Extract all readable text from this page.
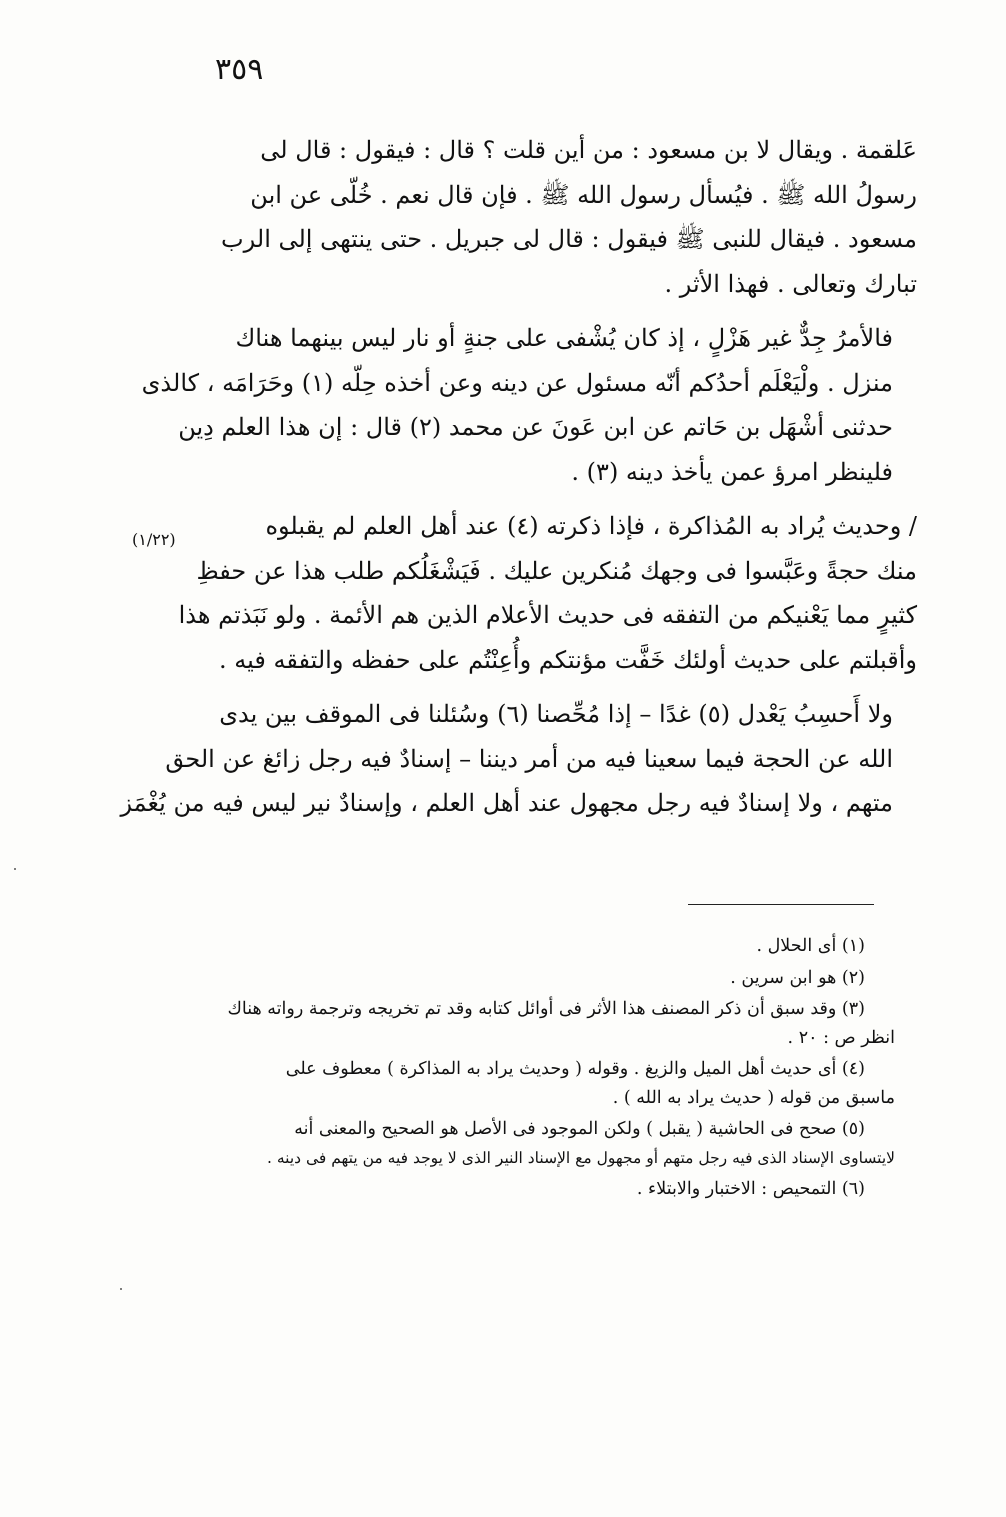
٣٥٩
(١/٢٢)

عَلقمة . ويقال لا بن مسعود : من أين قلت ؟ قال : فيقول : قال لى
رسولُ الله ﷺ . فيُسأل رسول الله ﷺ . فإن قال نعم . خُلّى عن ابن
مسعود . فيقال للنبى ﷺ فيقول : قال لى جبريل . حتى ينتهى إلى الرب
تبارك وتعالى . فهذا الأثر .

فالأمرُ جِدٌّ غير هَزْلٍ ، إذ كان يُشْفى على جنةٍ أو نار ليس بينهما هناك
منزل . ولْيَعْلَم أحدُكم أنّه مسئول عن دينه وعن أخذه حِلّه (١) وحَرَامَه ، كالذى
حدثنى أشْهَل بن حَاتم عن ابن عَونَ عن محمد (٢) قال : إن هذا العلم دِين
فلينظر امرؤ عمن يأخذ دينه (٣) .

/ وحديث يُراد به المُذاكرة ، فإذا ذكرته (٤) عند أهل العلم لم يقبلوه
منك حجةً وعَبَّسوا فى وجهك مُنكرين عليك . فَيَشْغَلُكم طلب هذا عن حفظِ
كثيرٍ مما يَعْنيكم من التفقه فى حديث الأعلام الذين هم الأئمة . ولو نَبَذتم هذا
وأقبلتم على حديث أولئك خَفَّت مؤنتكم وأُعِنْتُم على حفظه والتفقه فيه .

ولا أَحسِبُ يَعْدل (٥) غدًا – إذا مُحِّصنا (٦) وسُئلنا فى الموقف بين يدى
الله عن الحجة فيما سعينا فيه من أمر ديننا – إسنادٌ فيه رجل زائغ عن الحق
متهم ، ولا إسنادٌ فيه رجل مجهول عند أهل العلم ، وإسنادٌ نير ليس فيه من يُغْمَز

(١) أى الحلال .
(٢) هو ابن سرين .
(٣) وقد سبق أن ذكر المصنف هذا الأثر فى أوائل كتابه وقد تم تخريجه وترجمة رواته هناك
انظر ص : ٢٠ .
(٤) أى حديث أهل الميل والزيغ . وقوله ( وحديث يراد به المذاكرة ) معطوف على
ماسبق من قوله ( حديث يراد به الله ) .
(٥) صحح فى الحاشية ( يقبل ) ولكن الموجود فى الأصل هو الصحيح والمعنى أنه
لايتساوى الإسناد الذى فيه رجل متهم أو مجهول مع الإسناد النير الذى لا يوجد فيه من يتهم فى دينه .
(٦) التمحيص : الاختبار والابتلاء .
